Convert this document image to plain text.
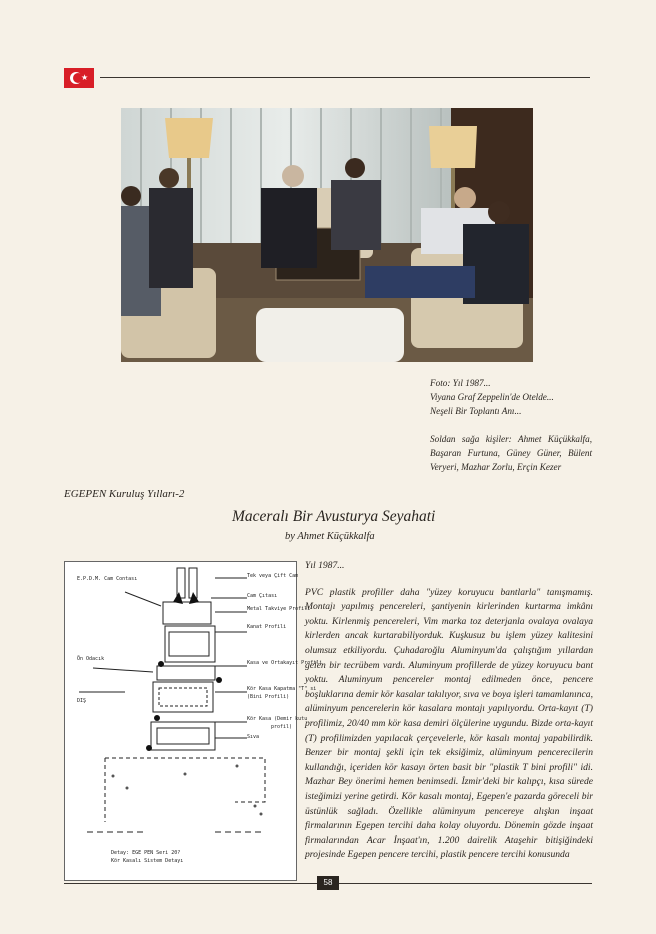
★

Foto: Yıl 1987...

Viyana Graf Zeppelin'de Otelde...

Neşeli Bir Toplantı Anı...

Soldan sağa kişiler: Ahmet Küçükkalfa, Başaran Furtuna, Güney Güner, Bülent Veryeri, Mazhar Zorlu, Erçin Kezer

EGEPEN Kuruluş Yılları-2
Maceralı Bir Avusturya Seyahati
by Ahmet Küçükkalfa
E.P.D.M. Cam Contası	Tek veya Çift Cam
Cam Çıtası
Metal Takviye Profili
Kanat Profili
Ön Odacık
Kasa ve Ortakayıt Profili
DIŞ
Kör Kasa Kapatma "T" si
(Bini Profili)
Kör Kasa (Demir kutu
profil)
Sıva
Detay: EGE PEN Seri 20?
Kör Kasalı Sistem Detayı

Yıl 1987...

PVC plastik profiller daha "yüzey koruyucu bantlarla" tanışmamış. Montajı yapılmış pencereleri, şantiyenin kirlerinden kurtarma imkânı yoktu. Kirlenmiş pencereleri, Vim marka toz deterjanla ovalaya ovalaya kirlerden ancak kurtarabiliyorduk. Kuşkusuz bu işlem yüzey kalitesini olumsuz etkiliyordu. Çuhadaroğlu Aluminyum'da çalıştığım yıllardan gelen bir tecrübem vardı. Aluminyum profillerde de yüzey koruyucu bant yoktu. Aluminyum pencereler montaj edilmeden önce, pencere boşluklarına demir kör kasalar takılıyor, sıva ve boya işleri tamamlanınca, alüminyum pencerelerin kör kasalara montajı yapılıyordu. Orta-kayıt (T) profilimiz, 20/40 mm kör kasa demiri ölçülerine uygundu. Bizde orta-kayıt (T) profilimizden yapılacak çerçevelerle, kör kasalı montaj yapabilirdik. Benzer bir montaj şekli için tek eksiğimiz, alüminyum pencerecilerin kullandığı, içeriden kör kasayı örten basit bir "plastik T bini profili" idi. Mazhar Bey önerimi hemen benimsedi. İzmir'deki bir kalıpçı, kısa sürede isteğimizi yerine getirdi. Kör kasalı montaj, Egepen'e pazarda göreceli bir üstünlük sağladı. Özellikle alüminyum pencereye alışkın inşaat firmalarının Egepen tercihi daha kolay oluyordu. Dönemin gözde inşaat firmalarından Acar İnşaat'ın, 1.200 dairelik Ataşehir bitişiğindeki projesinde Egepen pencere tercihi, plastik pencere tercihi konusunda

58
